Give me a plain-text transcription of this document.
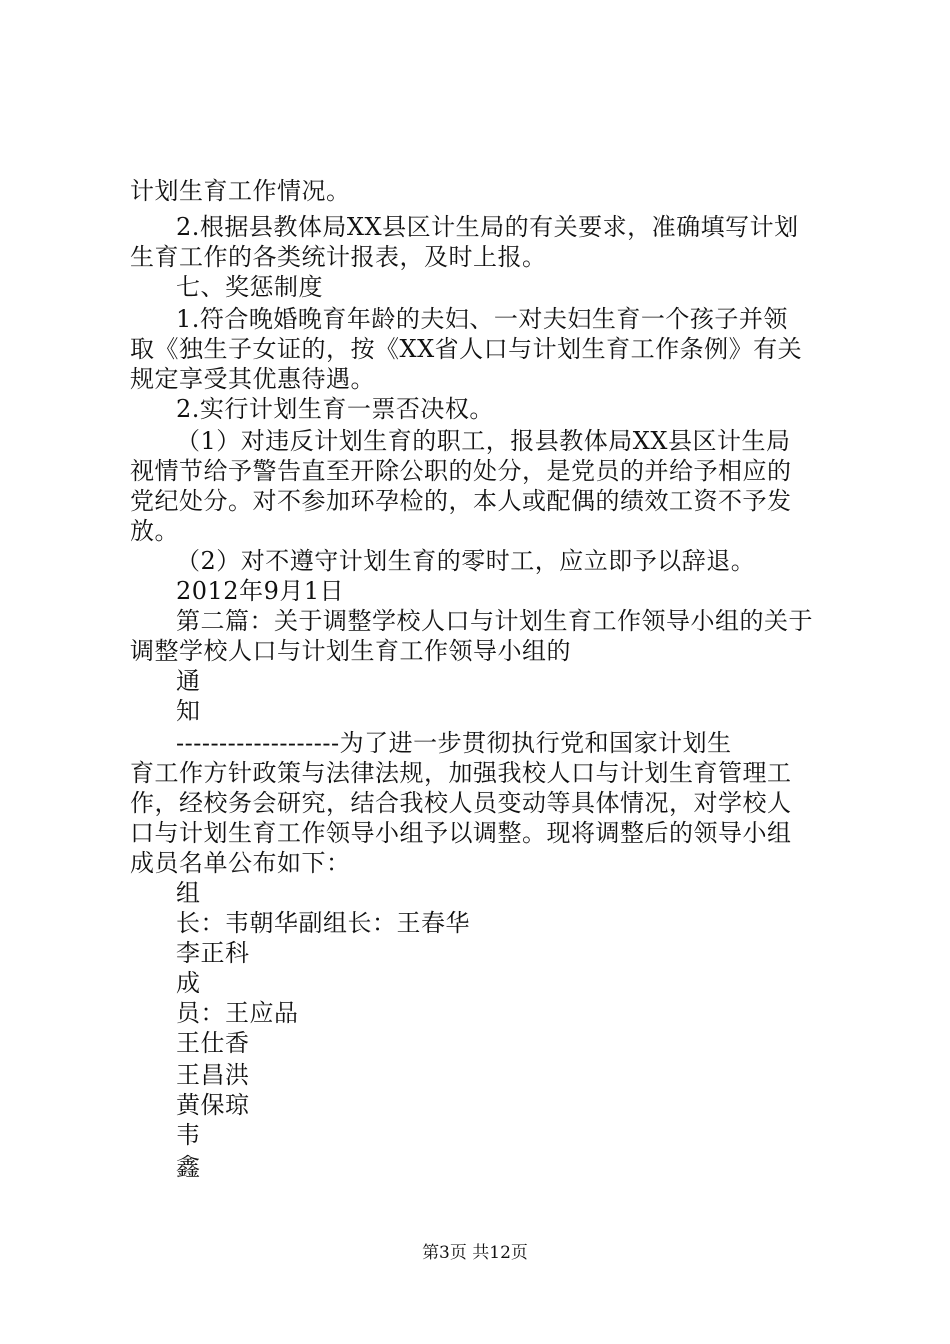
计划生育工作情况。
2.根据县教体局XX县区计生局的有关要求，准确填写计划
生育工作的各类统计报表，及时上报。
七、奖惩制度
1.符合晚婚晚育年龄的夫妇、一对夫妇生育一个孩子并领
取《独生子女证的，按《XX省人口与计划生育工作条例》有关
规定享受其优惠待遇。
2.实行计划生育一票否决权。
（1）对违反计划生育的职工，报县教体局XX县区计生局
视情节给予警告直至开除公职的处分，是党员的并给予相应的
党纪处分。对不参加环孕检的，本人或配偶的绩效工资不予发
放。
（2）对不遵守计划生育的零时工，应立即予以辞退。
2012年9月1日
第二篇：关于调整学校人口与计划生育工作领导小组的关于
调整学校人口与计划生育工作领导小组的
通
知
-------------------为了进一步贯彻执行党和国家计划生
育工作方针政策与法律法规，加强我校人口与计划生育管理工
作，经校务会研究，结合我校人员变动等具体情况，对学校人
口与计划生育工作领导小组予以调整。现将调整后的领导小组
成员名单公布如下：
组
长：韦朝华副组长：王春华
李正科
成
员：王应品
王仕香
王昌洪
黄保琼
韦
鑫
第3页 共12页
